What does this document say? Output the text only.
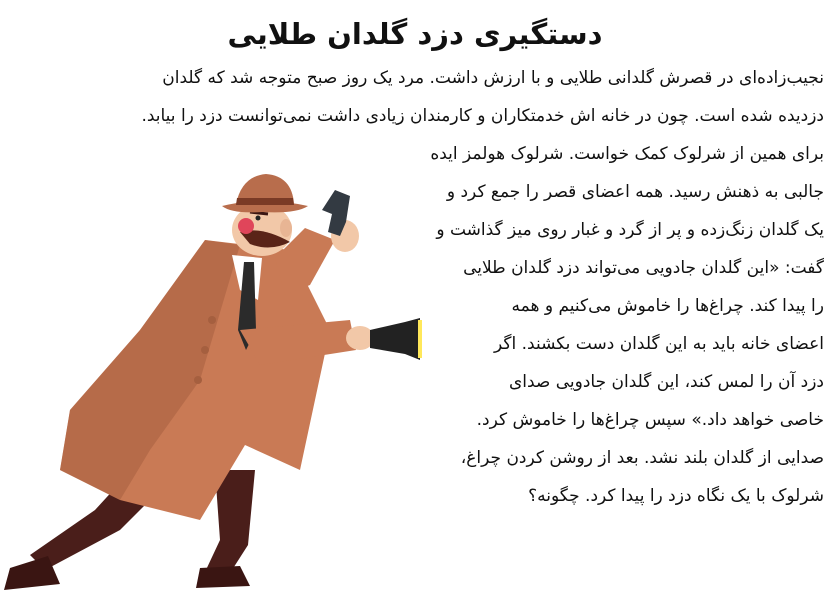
دستگیری دزد گلدان طلایی
نجیب‌زاده‌ای در قصرش گلدانی طلایی و با ارزش داشت. مرد یک روز صبح متوجه شد که گلدان
دزدیده شده است. چون در خانه اش خدمتکاران و کارمندان زیادی داشت نمی‌توانست دزد را بیابد.
برای همین از شرلوک کمک خواست. شرلوک هولمز ایده
جالبی به ذهنش رسید. همه اعضای قصر را جمع کرد و
یک گلدان زنگ‌زده و پر از گرد و غبار روی میز گذاشت و
گفت: «این گلدان جادویی می‌تواند دزد گلدان طلایی
را پیدا کند. چراغ‌ها را خاموش می‌کنیم و همه
اعضای خانه باید به این گلدان دست بکشند. اگر
دزد آن را لمس کند، این گلدان جادویی صدای
خاصی خواهد داد.» سپس چراغ‌ها را خاموش کرد.
صدایی از گلدان بلند نشد. بعد از روشن کردن چراغ،
شرلوک با یک نگاه دزد را پیدا کرد. چگونه؟
